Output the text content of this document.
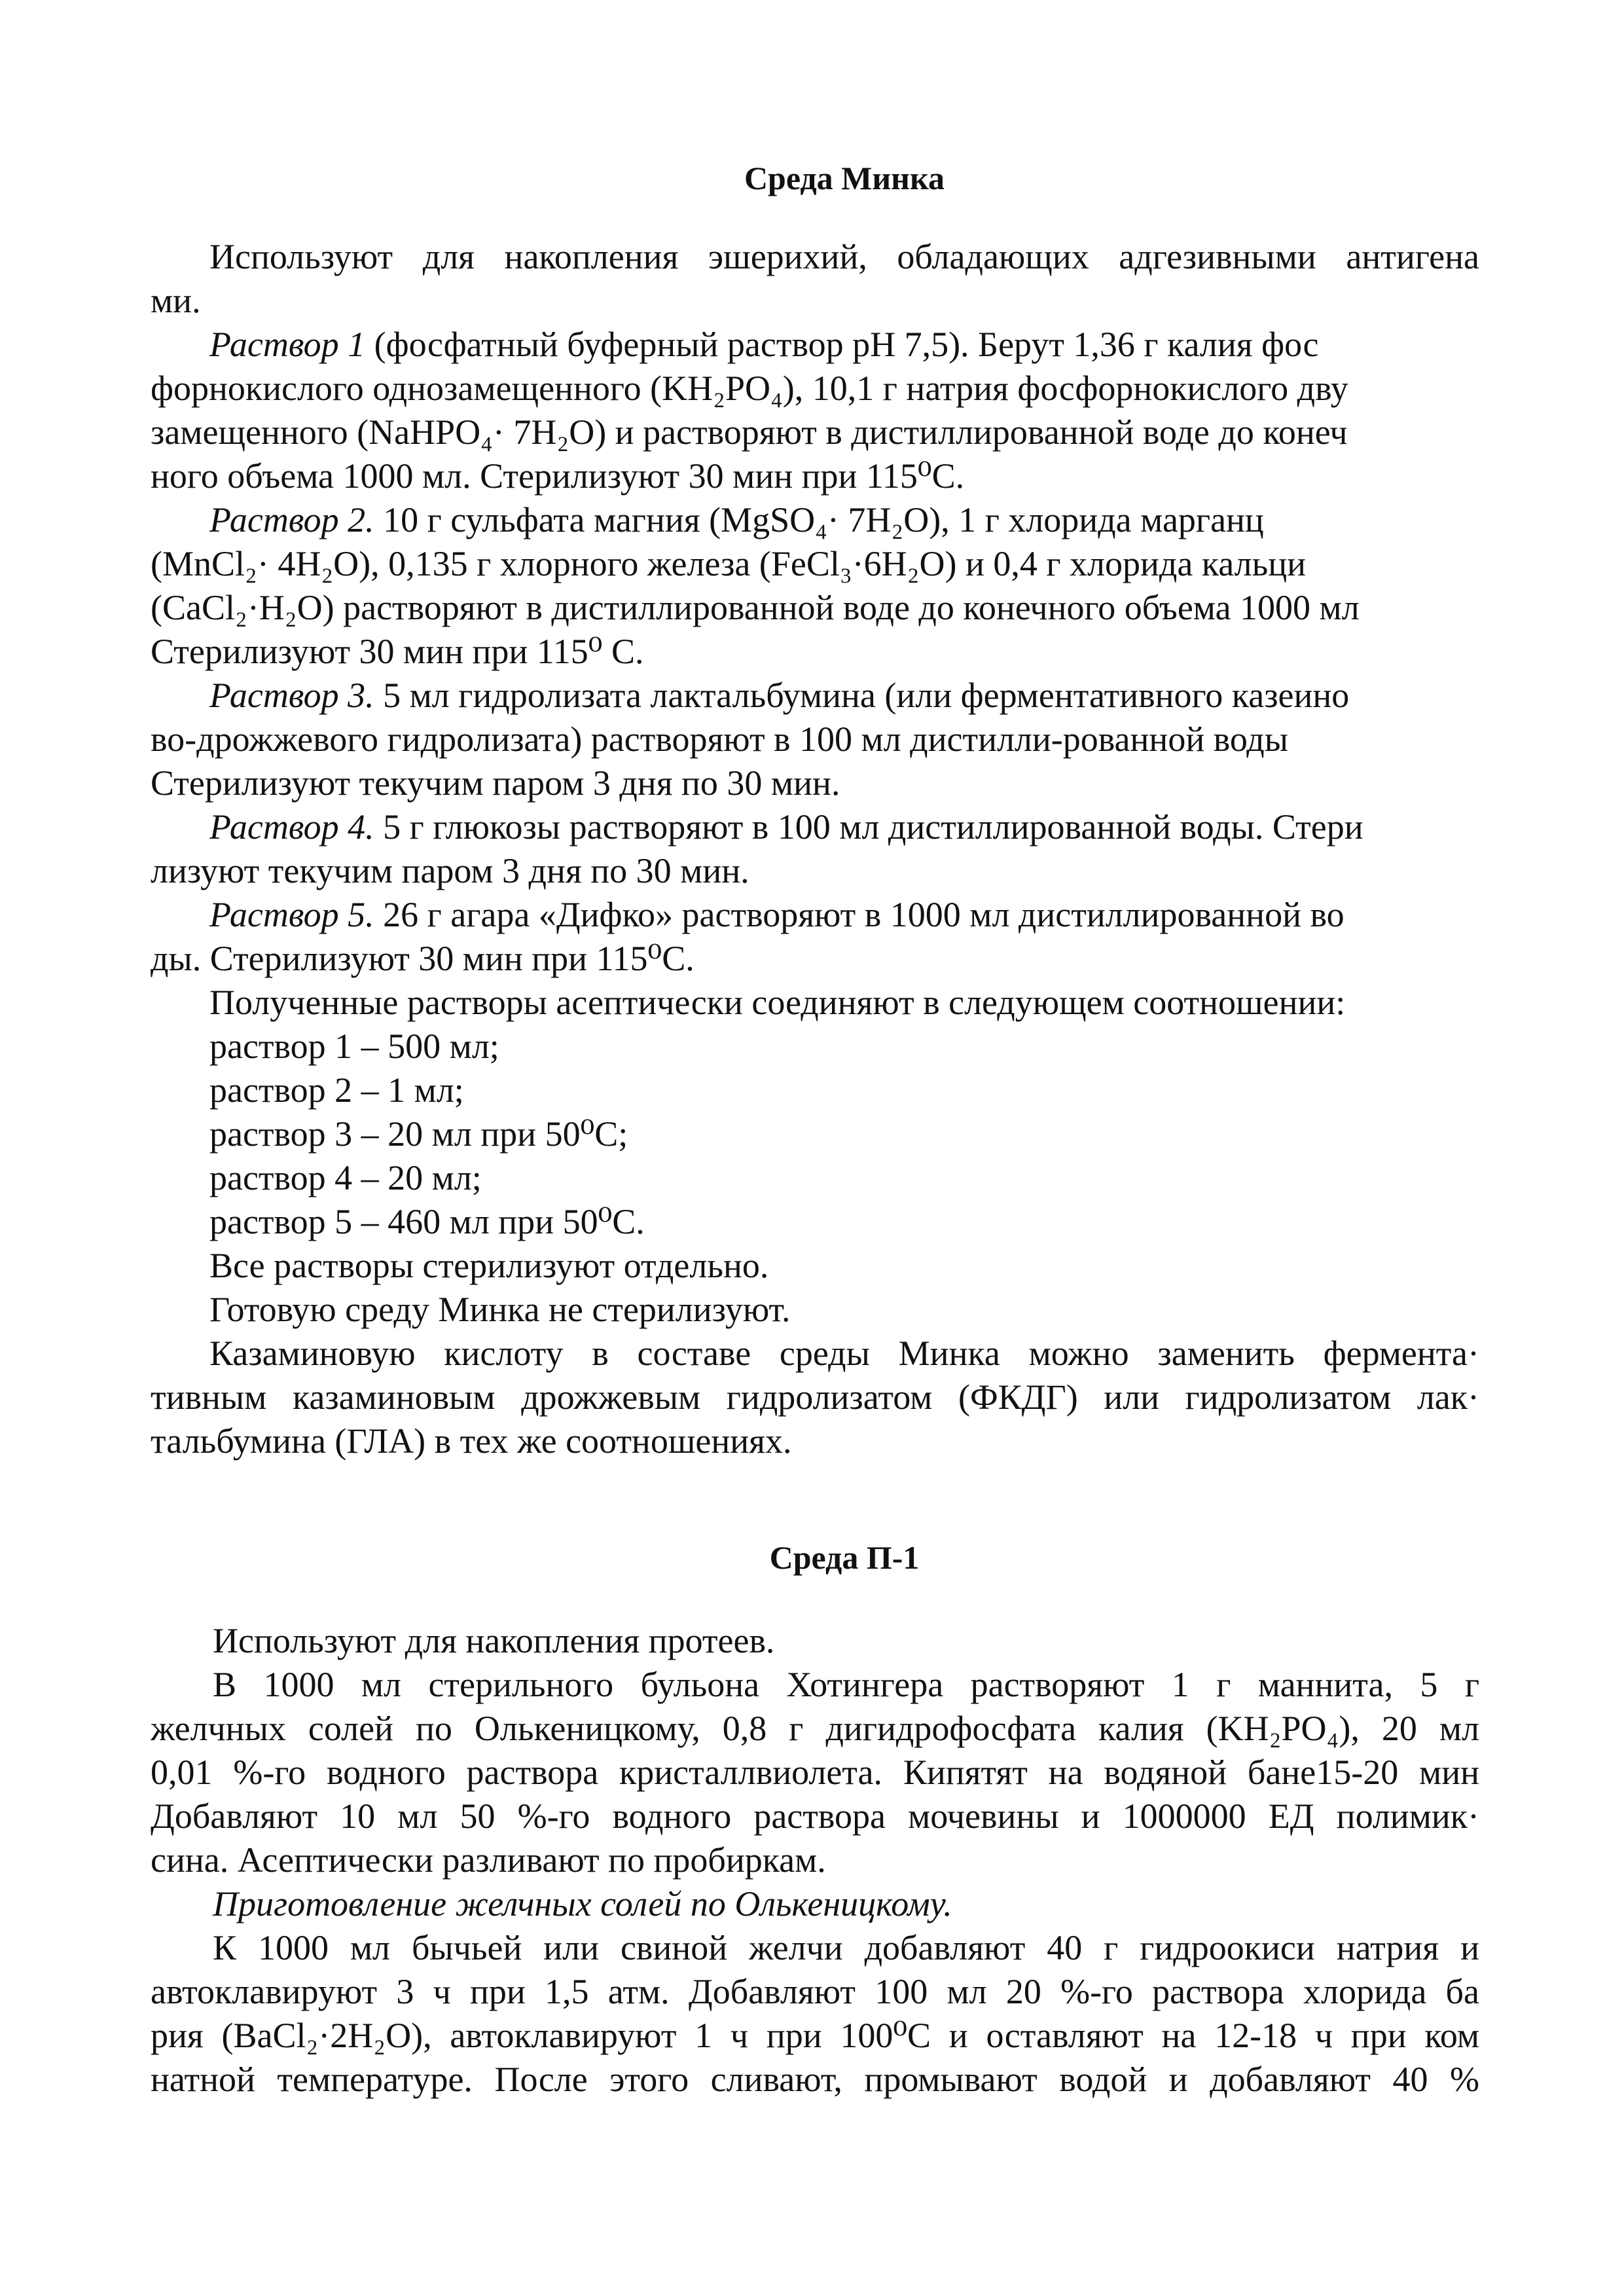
Среда Минка

Используют для накопления эшерихий, обладающих адгезивными антигена

ми.

Раствор 1 (фосфатный буферный раствор рН 7,5). Берут 1,36 г калия фос

форнокислого однозамещенного (KH₂PO₄), 10,1 г натрия фосфорнокислого дву

замещенного (NaHPO₄· 7H₂O) и растворяют в дистиллированной воде до конеч

ного объема 1000 мл. Стерилизуют 30 мин при 115⁰С.

Раствор 2. 10 г сульфата магния (MgSO₄· 7H₂O), 1 г хлорида марганц

(MnCl₂· 4H₂O), 0,135 г хлорного железа (FeCl₃·6H₂O) и 0,4 г хлорида кальци

(CaCl₂·H₂O) растворяют в дистиллированной воде до конечного объема 1000 мл

Стерилизуют 30 мин при 115⁰ С.

Раствор 3. 5 мл гидролизата лактальбумина (или ферментативного казеино

во-дрожжевого гидролизата) растворяют в 100 мл дистилли-рованной воды

Стерилизуют текучим паром 3 дня по 30 мин.

Раствор 4. 5 г глюкозы растворяют в 100 мл дистиллированной воды. Стери

лизуют текучим паром 3 дня по 30 мин.

Раствор 5. 26 г агара «Дифко» растворяют в 1000 мл дистиллированной во

ды. Стерилизуют 30 мин при 115⁰С.

Полученные растворы асептически соединяют в следующем соотношении:

раствор 1 – 500 мл;

раствор 2 – 1 мл;

раствор 3 – 20 мл при 50⁰С;

раствор 4 – 20 мл;

раствор 5 – 460 мл при 50⁰С.

Все растворы стерилизуют отдельно.

Готовую среду Минка не стерилизуют.

Казаминовую кислоту в составе среды Минка можно заменить фермента·

тивным казаминовым дрожжевым гидролизатом (ФКДГ) или гидролизатом лак·

тальбумина (ГЛА) в тех же соотношениях.

Среда П-1

Используют для накопления протеев.

В 1000 мл стерильного бульона Хотингера растворяют 1 г маннита, 5 г

желчных солей по Олькеницкому, 0,8 г дигидрофосфата калия (KH₂PO₄), 20 мл

0,01 %-го водного раствора кристаллвиолета. Кипятят на водяной бане15-20 мин

Добавляют 10 мл 50 %-го водного раствора мочевины и 1000000 ЕД полимик·

сина. Асептически разливают по пробиркам.

Приготовление желчных солей по Олькеницкому.

К 1000 мл бычьей или свиной желчи добавляют 40 г гидроокиси натрия и

автоклавируют 3 ч при 1,5 атм. Добавляют 100 мл 20 %-го раствора хлорида ба

рия (BaCl₂·2H₂O), автоклавируют 1 ч при 100⁰С и оставляют на 12-18 ч при ком

натной температуре. После этого сливают, промывают водой и добавляют 40 %
